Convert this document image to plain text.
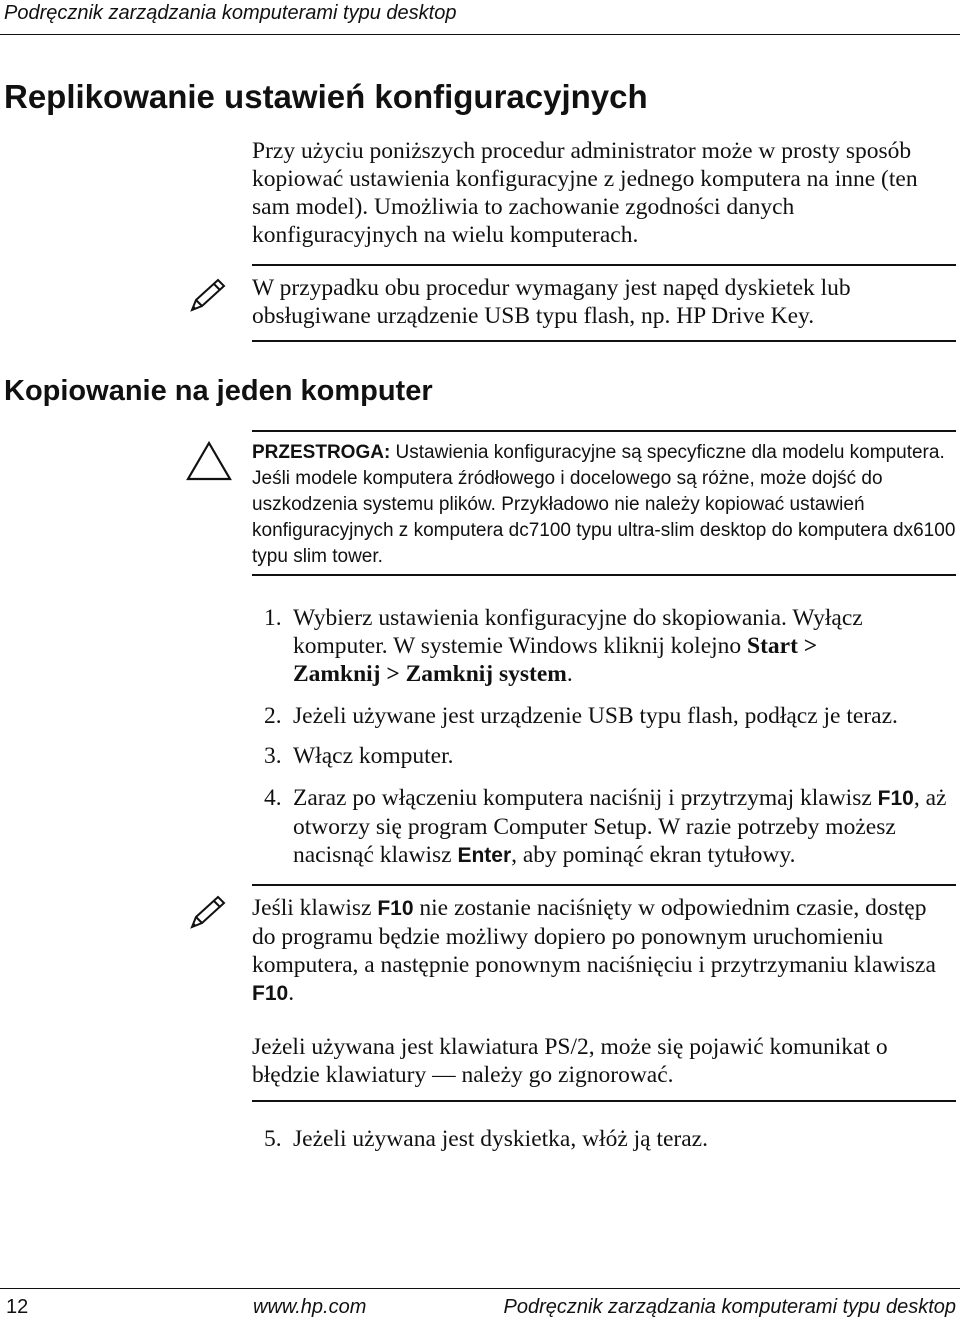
Podręcznik zarządzania komputerami typu desktop
Replikowanie ustawień konfiguracyjnych

Przy użyciu poniższych procedur administrator może w prosty sposób kopiować ustawienia konfiguracyjne z jednego komputera na inne (ten sam model). Umożliwia to zachowanie zgodności danych konfiguracyjnych na wielu komputerach.

W przypadku obu procedur wymagany jest napęd dyskietek lub obsługiwane urządzenie USB typu flash, np. HP Drive Key.

Kopiowanie na jeden komputer

PRZESTROGA: Ustawienia konfiguracyjne są specyficzne dla modelu komputera. Jeśli modele komputera źródłowego i docelowego są różne, może dojść do uszkodzenia systemu plików. Przykładowo nie należy kopiować ustawień konfiguracyjnych z komputera dc7100 typu ultra-slim desktop do komputera dx6100 typu slim tower.

1. Wybierz ustawienia konfiguracyjne do skopiowania. Wyłącz komputer. W systemie Windows kliknij kolejno Start >
Zamknij > Zamknij system.
2. Jeżeli używane jest urządzenie USB typu flash, podłącz je teraz.
3. Włącz komputer.
4. Zaraz po włączeniu komputera naciśnij i przytrzymaj klawisz F10, aż otworzy się program Computer Setup. W razie potrzeby możesz nacisnąć klawisz Enter, aby pominąć ekran tytułowy.

Jeśli klawisz F10 nie zostanie naciśnięty w odpowiednim czasie, dostęp do programu będzie możliwy dopiero po ponownym uruchomieniu komputera, a następnie ponownym naciśnięciu i przytrzymaniu klawisza F10.

Jeżeli używana jest klawiatura PS/2, może się pojawić komunikat o błędzie klawiatury — należy go zignorować.

5. Jeżeli używana jest dyskietka, włóż ją teraz.
12	www.hp.com	Podręcznik zarządzania komputerami typu desktop
